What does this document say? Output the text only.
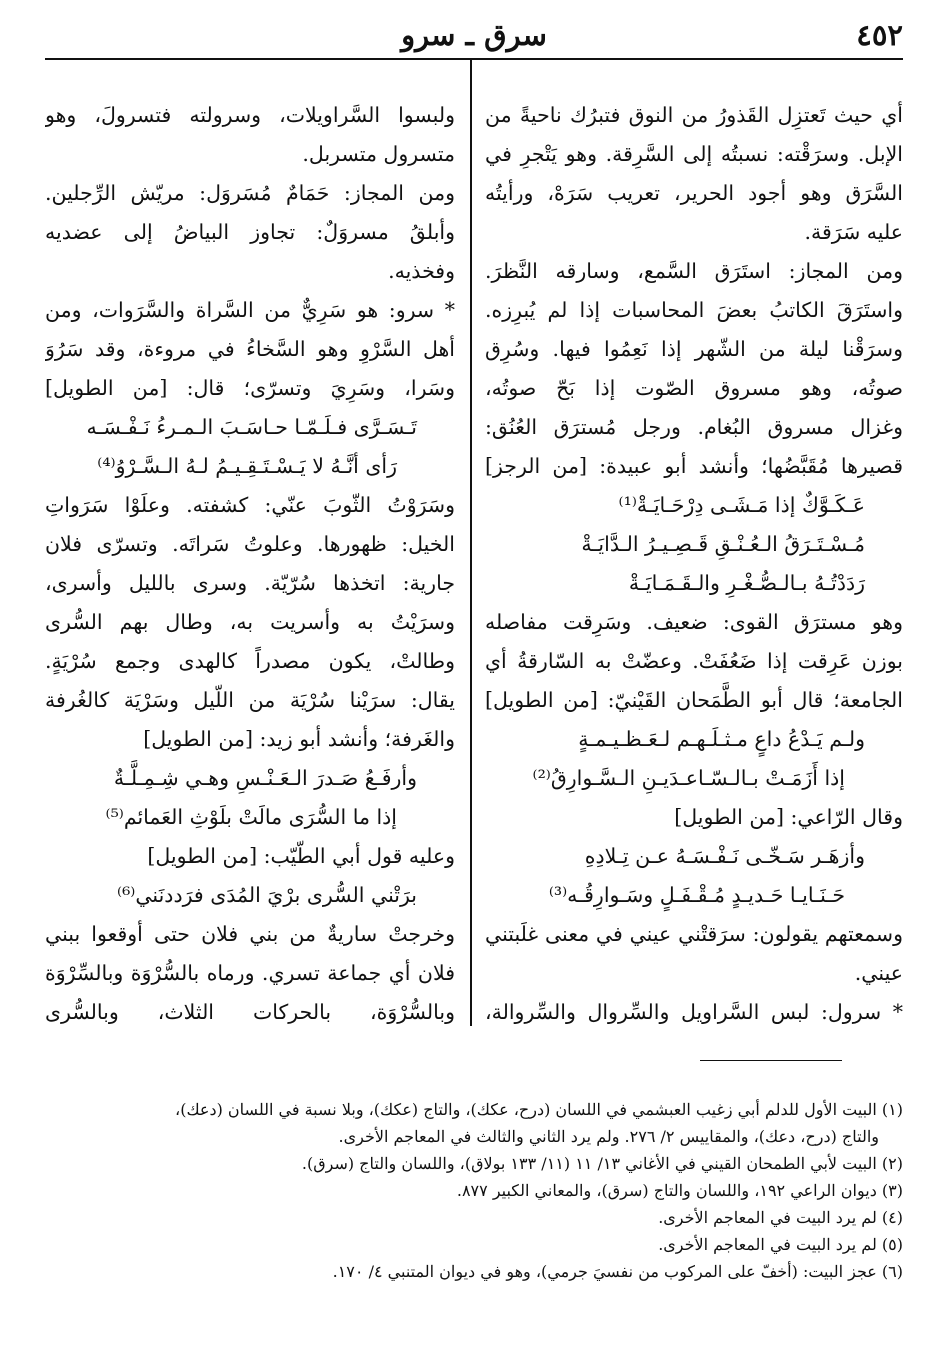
٤٥٢
سرق ـ سرو
أي حيث تَعتزِل القَذورُ من النوق فتبرُك ناحيةً من
الإبل. وسرَقْته: نسبتُه إلى السَّرِقة. وهو يَتْجرِ في
السَّرَق وهو أجود الحرير، تعريب سَرَهْ، ورأيتُه
عليه سَرَقة.
ومن المجاز: استَرَق السَّمع، وسارقه النَّظرَ.
واستَرَقَ الكاتبُ بعضَ المحاسبات إذا لم يُبرِزه.
وسرَقْنا ليلة من الشّهر إذا نَعِمُوا فيها. وسُرِق
صوتُه، وهو مسروق الصّوت إذا بَحّ صوتُه،
وغزال مسروق البُغام. ورجل مُسترَق العُنُق:
قصيرها مُقَبَّضُها؛ وأنشد أبو عبيدة: [من الرجز]
عَـكَـوَّكٌ إذا مَـشَـى دِرْحَـايَـةْ⁽¹⁾
مُـسْـتَـرَقُ الـعُـنْـقِ قَـصِـيـرُ الـدَّايَـةْ
رَدَدْتُـهُ بـالـصُّـغْـرِ والـقَـمَـايَـةْ
وهو مسترَق القوى: ضعيف. وسَرِقت مفاصله
بوزن عَرِقت إذا ضَعُفَتْ. وعضّتْ به السّارقةُ أي
الجامعة؛ قال أبو الطَّمَحان القَيْنيّ: [من الطويل]
ولـم يَـدْعُ داعٍ مـثـلَـهـم لـعَـظـيـمـةٍ
إذا أَزَمَـتْ بـالـسّـاعـدَيـنِ الـسَّـوارِقُ⁽²⁾
وقال الرّاعي: [من الطويل]
وأزهَـر سَـخّـى نَـفْـسَـهُ عـن تِـلادِهِ
حَـنَـايـا حَـديـدٍ مُـقْـفَـلٍ وسَـوارِقُـه⁽³⁾
وسمعتهم يقولون: سرَقتْني عيني في معنى غلَبتني
عيني.
* سرول: لبس السَّراويل والسِّروال والسِّروالة،
ولبسوا السَّراويلات، وسرولته فتسرولَ، وهو
متسرول متسربل.
ومن المجاز: حَمَامٌ مُسَروَل: مريّش الرِّجلين.
وأبلقُ مسروَلٌ: تجاوز البياضُ إلى عضديه
وفخذيه.
* سرو: هو سَرِيٌّ من السَّراة والسَّرَوات، ومن
أهل السَّرْوِ وهو السَّخاءُ في مروءة، وقد سَرُوَ
وسَرا، وسَرِيَ وتسرّى؛ قال: [من الطويل]
تَـسَـرَّى فـلَـمّـا حـاسَـبَ الـمـرءُ نَـفْـسَـه
رَأى أنَّـهُ لا يَـسْـتَـقِـيـمُ لـهُ الـسَّـرْوُ⁽⁴⁾
وسَرَوْتُ الثّوبَ عنّي: كشفته. وعلَوْا سَرَواتِ
الخيل: ظهورها. وعلوتُ سَراتَه. وتسرّى فلان
جارية: اتخذها سُرّيّة. وسرى بالليل وأسرى،
وسرَيْتُ به وأسريت به، وطال بهم السُّرى
وطالتْ، يكون مصدراً كالهدى وجمع سُرْيَةٍ.
يقال: سرَيْنا سُرْيَة من اللّيل وسَرْيَة كالغُرفة
والغَرفة؛ وأنشد أبو زيد: [من الطويل]
وأرفَـعُ صَـدرَ الـعَـنْـسِ وهـي شِـمِـلَّـةٌ
إذا ما السُّرَى مالَتْ بلَوْثِ العَمائم⁽⁵⁾
وعليه قول أبي الطّيّب: [من الطويل]
برَتْني السُّرى برْيَ المُدَى فرَددنَني⁽⁶⁾
وخرجتْ ساريةٌ من بني فلان حتى أوقعوا ببني
فلان أي جماعة تسري. ورماه بالسُّرْوَة وبالسِّرْوَة
وبالسُّرْوَة، بالحركات الثلاث، وبالسُّرى
(١) البيت الأول للدلم أبي زغيب العبشمي في اللسان (درح، عكك)، والتاج (عكك)، وبلا نسبة في اللسان (دعك)،
والتاج (درح، دعك)، والمقاييس ٢/ ٢٧٦. ولم يرد الثاني والثالث في المعاجم الأخرى.
(٢) البيت لأبي الطمحان القيني في الأغاني ١٣/ ١١ (١١/ ١٣٣ بولاق)، واللسان والتاج (سرق).
(٣) ديوان الراعي ١٩٢، واللسان والتاج (سرق)، والمعاني الكبير ٨٧٧.
(٤) لم يرد البيت في المعاجم الأخرى.
(٥) لم يرد البيت في المعاجم الأخرى.
(٦) عجز البيت: (أخفّ على المركوب من نفسيَ جرمي)، وهو في ديوان المتنبي ٤/ ١٧٠.
